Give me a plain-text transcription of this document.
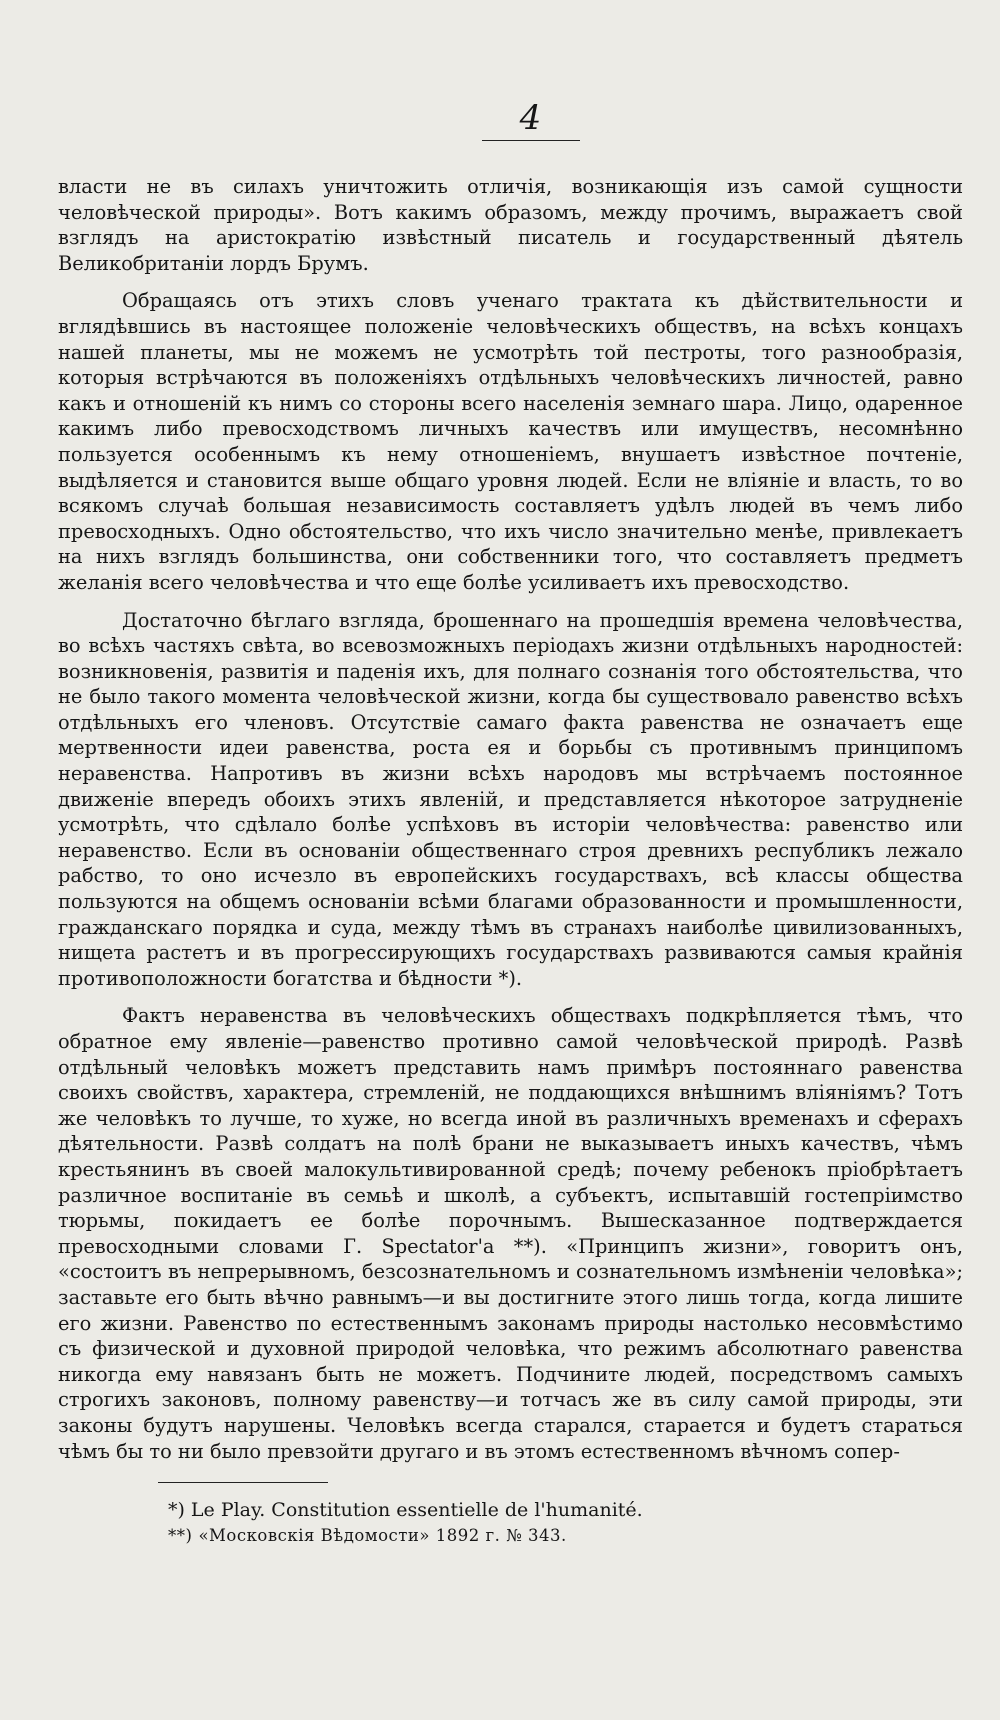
4

власти не въ силахъ уничтожить отличія, возникающія изъ самой сущности человѣческой природы». Вотъ какимъ образомъ, между прочимъ, выражаетъ свой взглядъ на аристократію извѣстный писатель и государственный дѣятель Великобританіи лордъ Брумъ.

Обращаясь отъ этихъ словъ ученаго трактата къ дѣйствительности и вглядѣвшись въ настоящее положеніе человѣческихъ обществъ, на всѣхъ концахъ нашей планеты, мы не можемъ не усмотрѣть той пестроты, того разнообразія, которыя встрѣчаются въ положеніяхъ отдѣльныхъ человѣческихъ личностей, равно какъ и отношеній къ нимъ со стороны всего населенія земнаго шара. Лицо, одаренное какимъ либо превосходствомъ личныхъ качествъ или имуществъ, несомнѣнно пользуется особеннымъ къ нему отношеніемъ, внушаетъ извѣстное почтеніе, выдѣляется и становится выше общаго уровня людей. Если не вліяніе и власть, то во всякомъ случаѣ большая независимость составляетъ удѣлъ людей въ чемъ либо превосходныхъ. Одно обстоятельство, что ихъ число значительно менѣе, привлекаетъ на нихъ взглядъ большинства, они собственники того, что составляетъ предметъ желанія всего человѣчества и что еще болѣе усиливаетъ ихъ превосходство.

Достаточно бѣглаго взгляда, брошеннаго на прошедшія времена человѣчества, во всѣхъ частяхъ свѣта, во всевозможныхъ періодахъ жизни отдѣльныхъ народностей: возникновенія, развитія и паденія ихъ, для полнаго сознанія того обстоятельства, что не было такого момента человѣческой жизни, когда бы существовало равенство всѣхъ отдѣльныхъ его членовъ. Отсутствіе самаго факта равенства не означаетъ еще мертвенности идеи равенства, роста ея и борьбы съ противнымъ принципомъ неравенства. Напротивъ въ жизни всѣхъ народовъ мы встрѣчаемъ постоянное движеніе впередъ обоихъ этихъ явленій, и представляется нѣкоторое затрудненіе усмотрѣть, что сдѣлало болѣе успѣховъ въ исторіи человѣчества: равенство или неравенство. Если въ основаніи общественнаго строя древнихъ республикъ лежало рабство, то оно исчезло въ европейскихъ государствахъ, всѣ классы общества пользуются на общемъ основаніи всѣми благами образованности и промышленности, гражданскаго порядка и суда, между тѣмъ въ странахъ наиболѣе цивилизованныхъ, нищета растетъ и въ прогрессирующихъ государствахъ развиваются самыя крайнія противоположности богатства и бѣдности *).

Фактъ неравенства въ человѣческихъ обществахъ подкрѣпляется тѣмъ, что обратное ему явленіе—равенство противно самой человѣческой природѣ. Развѣ отдѣльный человѣкъ можетъ представить намъ примѣръ постояннаго равенства своихъ свойствъ, характера, стремленій, не поддающихся внѣшнимъ вліяніямъ? Тотъ же человѣкъ то лучше, то хуже, но всегда иной въ различныхъ временахъ и сферахъ дѣятельности. Развѣ солдатъ на полѣ брани не выказываетъ иныхъ качествъ, чѣмъ крестьянинъ въ своей малокультивированной средѣ; почему ребенокъ пріобрѣтаетъ различное воспитаніе въ семьѣ и школѣ, а субъектъ, испытавшій гостепріимство тюрьмы, покидаетъ ее болѣе порочнымъ. Вышесказанное подтверждается превосходными словами Г. Spectator'а **). «Принципъ жизни», говоритъ онъ, «состоитъ въ непрерывномъ, безсознательномъ и сознательномъ измѣненіи человѣка»; заставьте его быть вѣчно равнымъ—и вы достигните этого лишь тогда, когда лишите его жизни. Равенство по естественнымъ законамъ природы настолько несовмѣстимо съ физической и духовной природой человѣка, что режимъ абсолютнаго равенства никогда ему навязанъ быть не можетъ. Подчините людей, посредствомъ самыхъ строгихъ законовъ, полному равенству—и тотчасъ же въ силу самой природы, эти законы будутъ нарушены. Человѣкъ всегда старался, старается и будетъ стараться чѣмъ бы то ни было превзойти другаго и въ этомъ естественномъ вѣчномъ сопер-

*) Le Play. Constitution essentielle de l'humanité.

**) «Московскія Вѣдомости» 1892 г. № 343.
